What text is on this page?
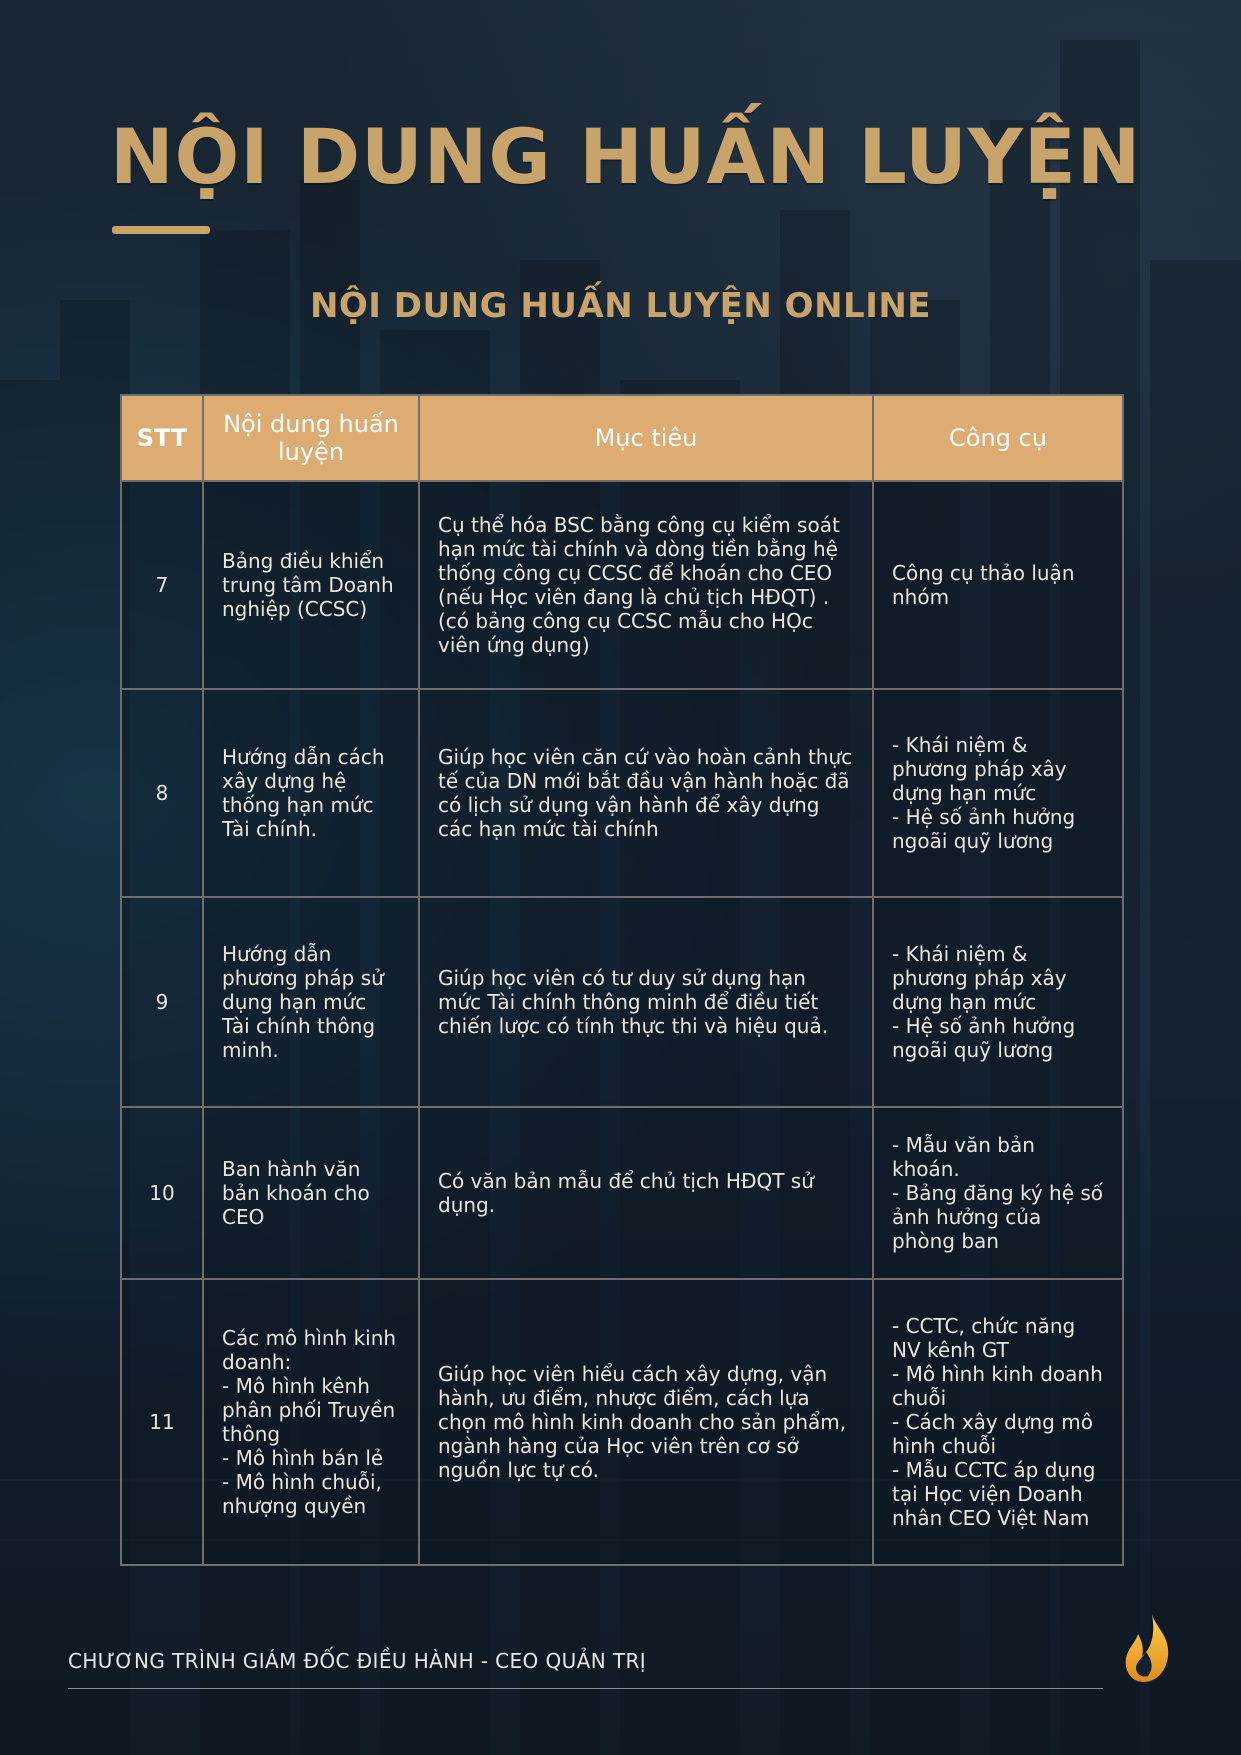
NỘI DUNG HUẤN LUYỆN
NỘI DUNG HUẤN LUYỆN ONLINE
STT	Nội dung huấn luyện	Mục tiêu	Công cụ
7	Bảng điều khiển trung tâm Doanh nghiệp (CCSC)	Cụ thể hóa BSC bằng công cụ kiểm soát hạn mức tài chính và dòng tiền bằng hệ thống công cụ CCSC để khoán cho CEO (nếu Học viên đang là chủ tịch HĐQT) . (có bảng công cụ CCSC mẫu cho HỌc viên ứng dụng)	Công cụ thảo luận nhóm
8	Hướng dẫn cách xây dựng hệ thống hạn mức Tài chính.	Giúp học viên căn cứ vào hoàn cảnh thực tế của DN mới bắt đầu vận hành hoặc đã có lịch sử dụng vận hành để xây dựng các hạn mức tài chính	- Khái niệm & phương pháp xây dựng hạn mức
- Hệ số ảnh hưởng ngoãi quỹ lương
9	Hướng dẫn phương pháp sử dụng hạn mức Tài chính thông minh.	Giúp học viên có tư duy sử dụng hạn mức Tài chính thông minh để điều tiết chiến lược có tính thực thi và hiệu quả.	- Khái niệm & phương pháp xây dựng hạn mức
- Hệ số ảnh hưởng ngoãi quỹ lương
10	Ban hành văn bản khoán cho CEO	Có văn bản mẫu để chủ tịch HĐQT sử dụng.	- Mẫu văn bản khoán.
- Bảng đăng ký hệ số ảnh hưởng của phòng ban
11	Các mô hình kinh doanh:
- Mô hình kênh phân phối Truyền thông
- Mô hình bán lẻ
- Mô hình chuỗi, nhượng quyền	Giúp học viên hiểu cách xây dựng, vận hành, ưu điểm, nhược điểm, cách lựa chọn mô hình kinh doanh cho sản phẩm, ngành hàng của Học viên trên cơ sở nguồn lực tự có.	- CCTC, chức năng NV kênh GT
- Mô hình kinh doanh chuỗi
- Cách xây dựng mô hình chuỗi
- Mẫu CCTC áp dụng tại Học viện Doanh nhân CEO Việt Nam
CHƯƠNG TRÌNH GIÁM ĐỐC ĐIỀU HÀNH - CEO QUẢN TRỊ
